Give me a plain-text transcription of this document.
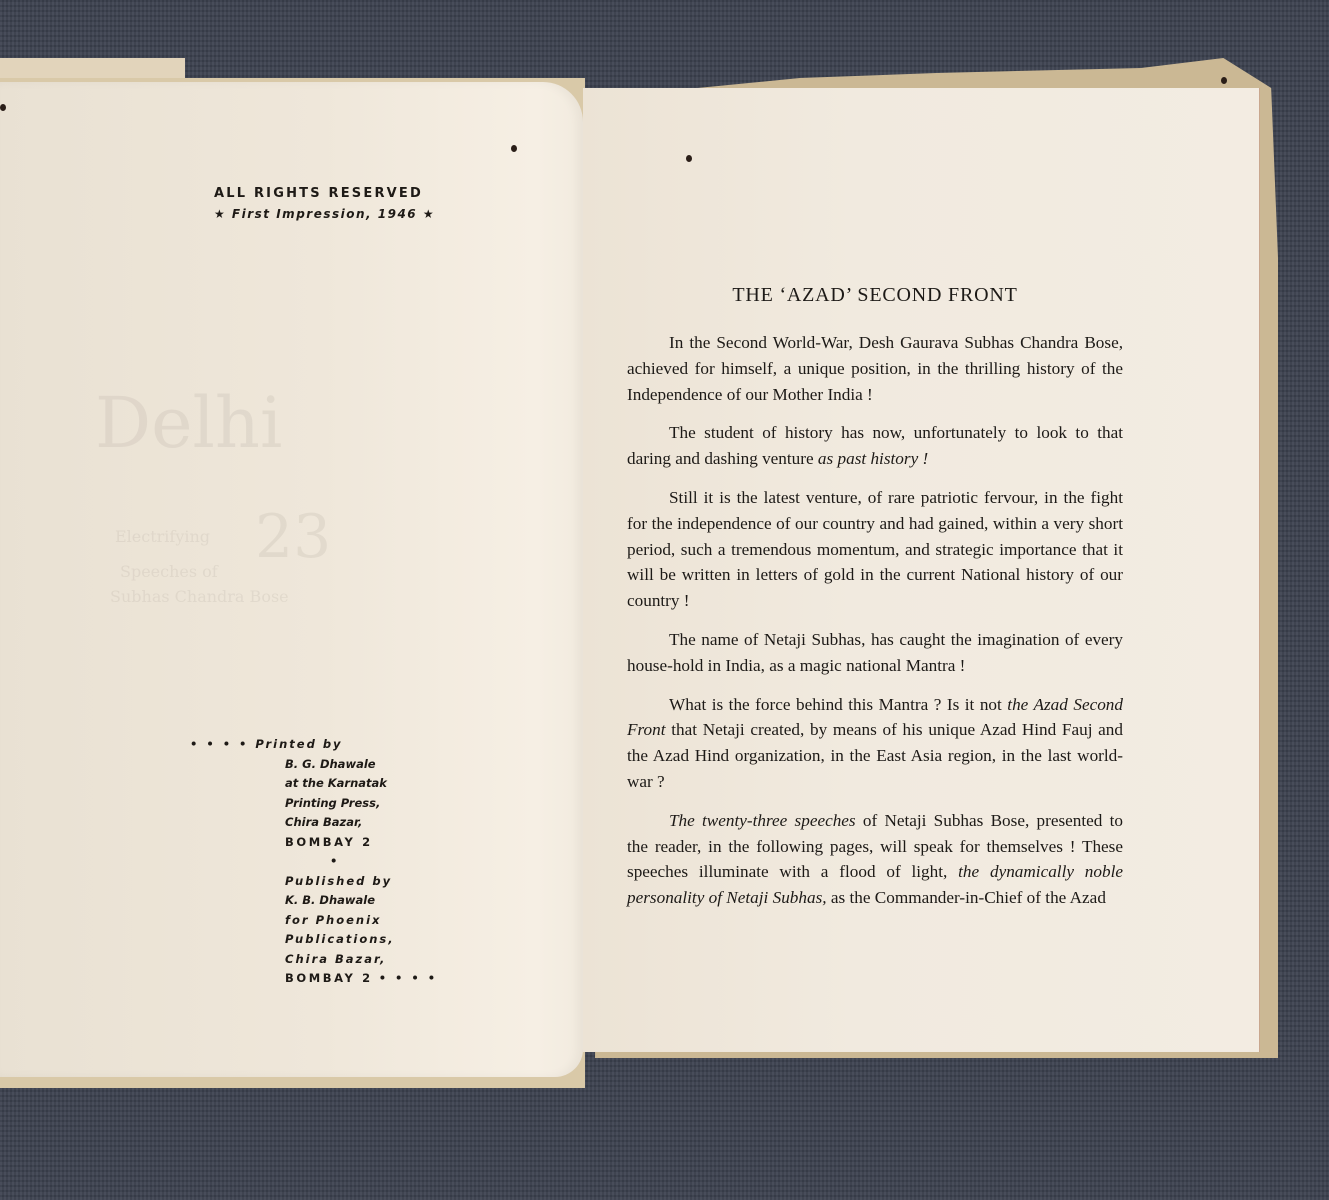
Delhi
23
Electrifying
Speeches of
Subhas Chandra Bose
ALL RIGHTS RESERVED
★ First Impression, 1946 ★
••••Printed by
B. G. Dhawale
at the Karnatak
Printing Press,
Chira Bazar,
BOMBAY 2
•
Published by
K. B. Dhawale
for Phoenix
Publications,
Chira Bazar,
BOMBAY 2 ••••
THE ‘AZAD’ SECOND FRONT

In the Second World-War, Desh Gaurava Subhas Chandra Bose, achieved for himself, a unique position, in the thrilling history of the Independence of our Mother India !

The student of history has now, unfortunately to look to that daring and dashing venture as past history !

Still it is the latest venture, of rare patriotic fervour, in the fight for the independence of our country and had gained, within a very short period, such a tremendous momentum, and strategic importance that it will be written in letters of gold in the current National history of our country !

The name of Netaji Subhas, has caught the imagination of every house-hold in India, as a magic national Mantra !

What is the force behind this Mantra ? Is it not the Azad Second Front that Netaji created, by means of his unique Azad Hind Fauj and the Azad Hind organization, in the East Asia region, in the last world-war ?

The twenty-three speeches of Netaji Subhas Bose, presented to the reader, in the following pages, will speak for themselves ! These speeches illuminate with a flood of light, the dynamically noble personality of Netaji Subhas, as the Commander-in-Chief of the Azad
